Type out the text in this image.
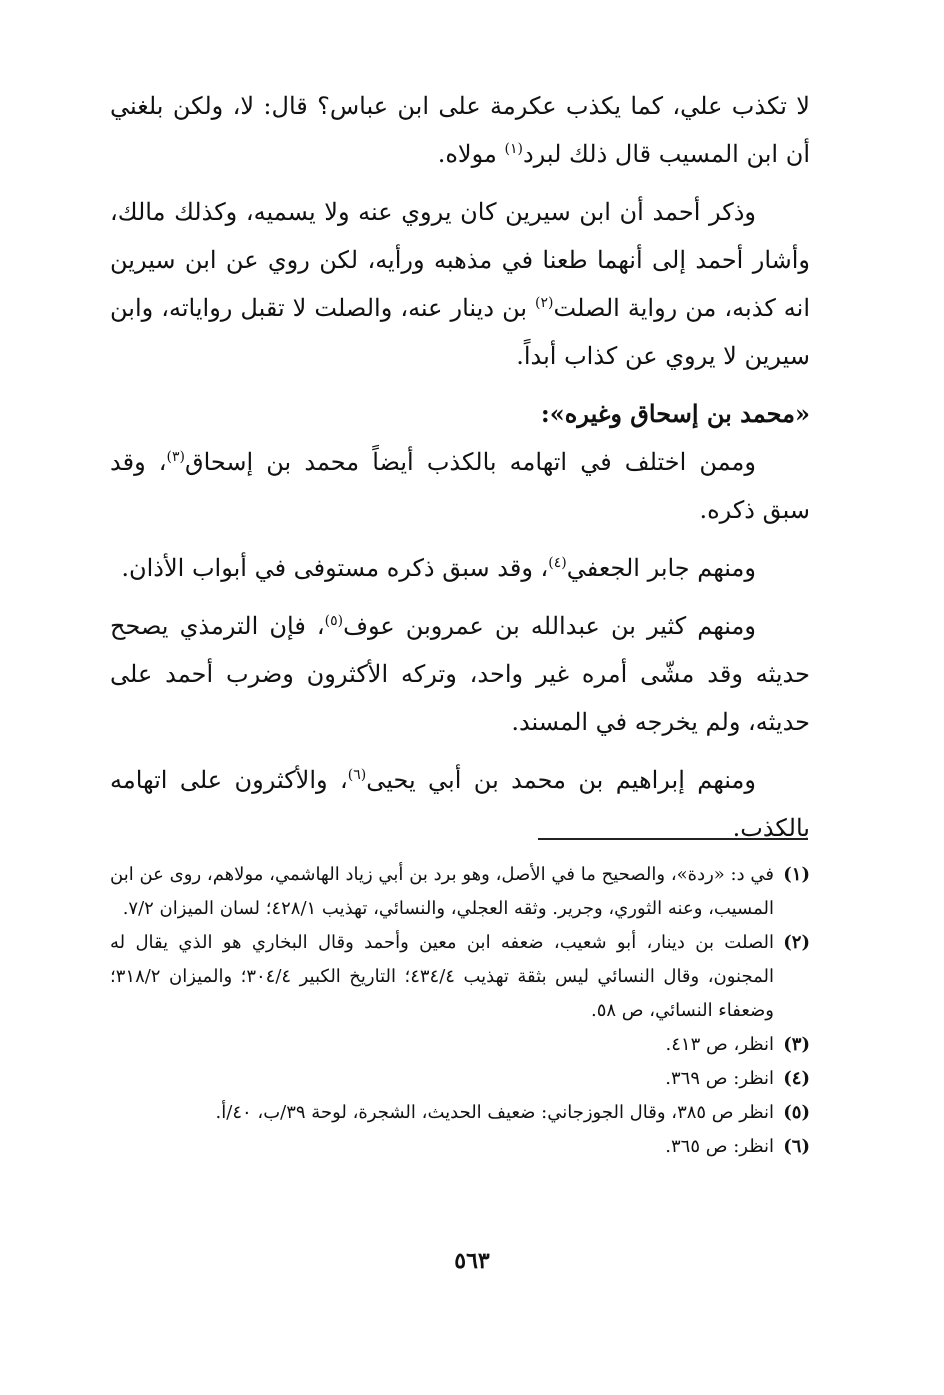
لا تكذب علي، كما يكذب عكرمة على ابن عباس؟ قال: لا، ولكن بلغني أن ابن المسيب قال ذلك لبرد$^{(١)}$ مولاه.

وذكر أحمد أن ابن سيرين كان يروي عنه ولا يسميه، وكذلك مالك، وأشار أحمد إلى أنهما طعنا في مذهبه ورأيه، لكن روي عن ابن سيرين انه كذبه، من رواية الصلت$^{(٢)}$ بن دينار عنه، والصلت لا تقبل رواياته، وابن سيرين لا يروي عن كذاب أبداً.

«محمد بن إسحاق وغيره»:

وممن اختلف في اتهامه بالكذب أيضاً محمد بن إسحاق$^{(٣)}$، وقد سبق ذكره.

ومنهم جابر الجعفي$^{(٤)}$، وقد سبق ذكره مستوفى في أبواب الأذان.

ومنهم كثير بن عبدالله بن عمروبن عوف$^{(٥)}$، فإن الترمذي يصحح حديثه وقد مشّى أمره غير واحد، وتركه الأكثرون وضرب أحمد على حديثه، ولم يخرجه في المسند.

ومنهم إبراهيم بن محمد بن أبي يحيى$^{(٦)}$، والأكثرون على اتهامه بالكذب.

(١)
في د: «ردة»، والصحيح ما في الأصل، وهو برد بن أبي زياد الهاشمي، مولاهم، روى عن ابن المسيب، وعنه الثوري، وجرير. وثقه العجلي، والنسائي، تهذيب ٤٢٨/١؛ لسان الميزان ٧/٢.
(٢)
الصلت بن دينار، أبو شعيب، ضعفه ابن معين وأحمد وقال البخاري هو الذي يقال له المجنون، وقال النسائي ليس بثقة تهذيب ٤٣٤/٤؛ التاريخ الكبير ٣٠٤/٤؛ والميزان ٣١٨/٢؛ وضعفاء النسائي، ص ٥٨.
(٣)
انظر، ص ٤١٣.
(٤)
انظر: ص ٣٦٩.
(٥)
انظر ص ٣٨٥، وقال الجوزجاني: ضعيف الحديث، الشجرة، لوحة ٣٩/ب، ٤٠/أ.
(٦)
انظر: ص ٣٦٥.
٥٦٣
